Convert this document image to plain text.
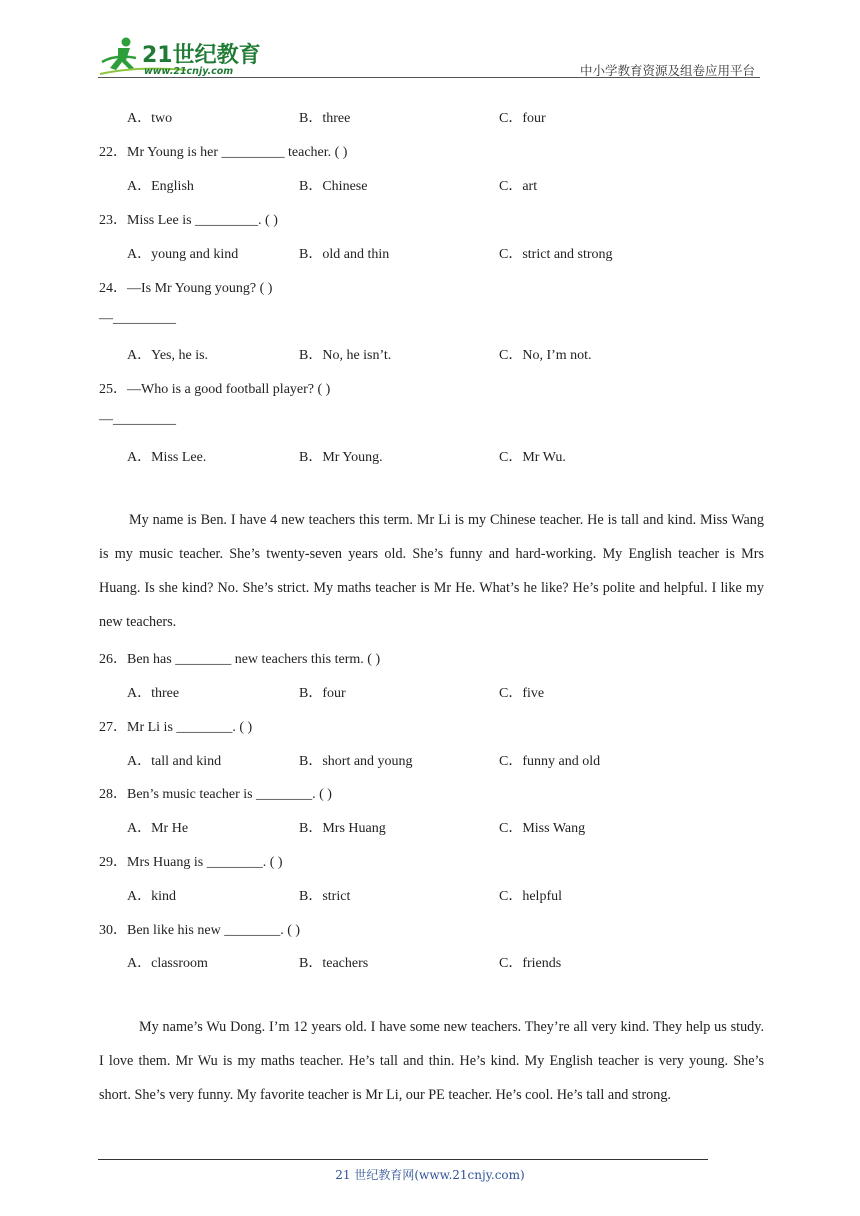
21世纪教育
www.21cnjy.com	中小学教育资源及组卷应用平台
A．two	B．three	C．four
22．Mr Young is her _________ teacher. ( )
A．English	B．Chinese	C．art
23．Miss Lee is _________. ( )
A．young and kind	B．old and thin	C．strict and strong
24．—Is Mr Young young? ( )
—_________
A．Yes, he is.	B．No, he isn’t.	C．No, I’m not.
25．—Who is a good football player? ( )
—_________
A．Miss Lee.	B．Mr Young.	C．Mr Wu.

My name is Ben. I have 4 new teachers this term. Mr Li is my Chinese teacher. He is tall and kind. Miss Wang is my music teacher. She’s twenty-seven years old. She’s funny and hard-working. My English teacher is Mrs Huang. Is she kind? No. She’s strict. My maths teacher is Mr He. What’s he like? He’s polite and helpful. I like my new teachers.

26．Ben has ________ new teachers this term. ( )
A．three	B．four	C．five
27．Mr Li is ________. ( )
A．tall and kind	B．short and young	C．funny and old
28．Ben’s music teacher is ________. ( )
A．Mr He	B．Mrs Huang	C．Miss Wang
29．Mrs Huang is ________. ( )
A．kind	B．strict	C．helpful
30．Ben like his new ________. ( )
A．classroom	B．teachers	C．friends

My name’s Wu Dong. I’m 12 years old. I have some new teachers. They’re all very kind. They help us study. I love them. Mr Wu is my maths teacher. He’s tall and thin. He’s kind. My English teacher is very young. She’s short. She’s very funny. My favorite teacher is Mr Li, our PE teacher. He’s cool. He’s tall and strong.

21 世纪教育网(www.21cnjy.com)
